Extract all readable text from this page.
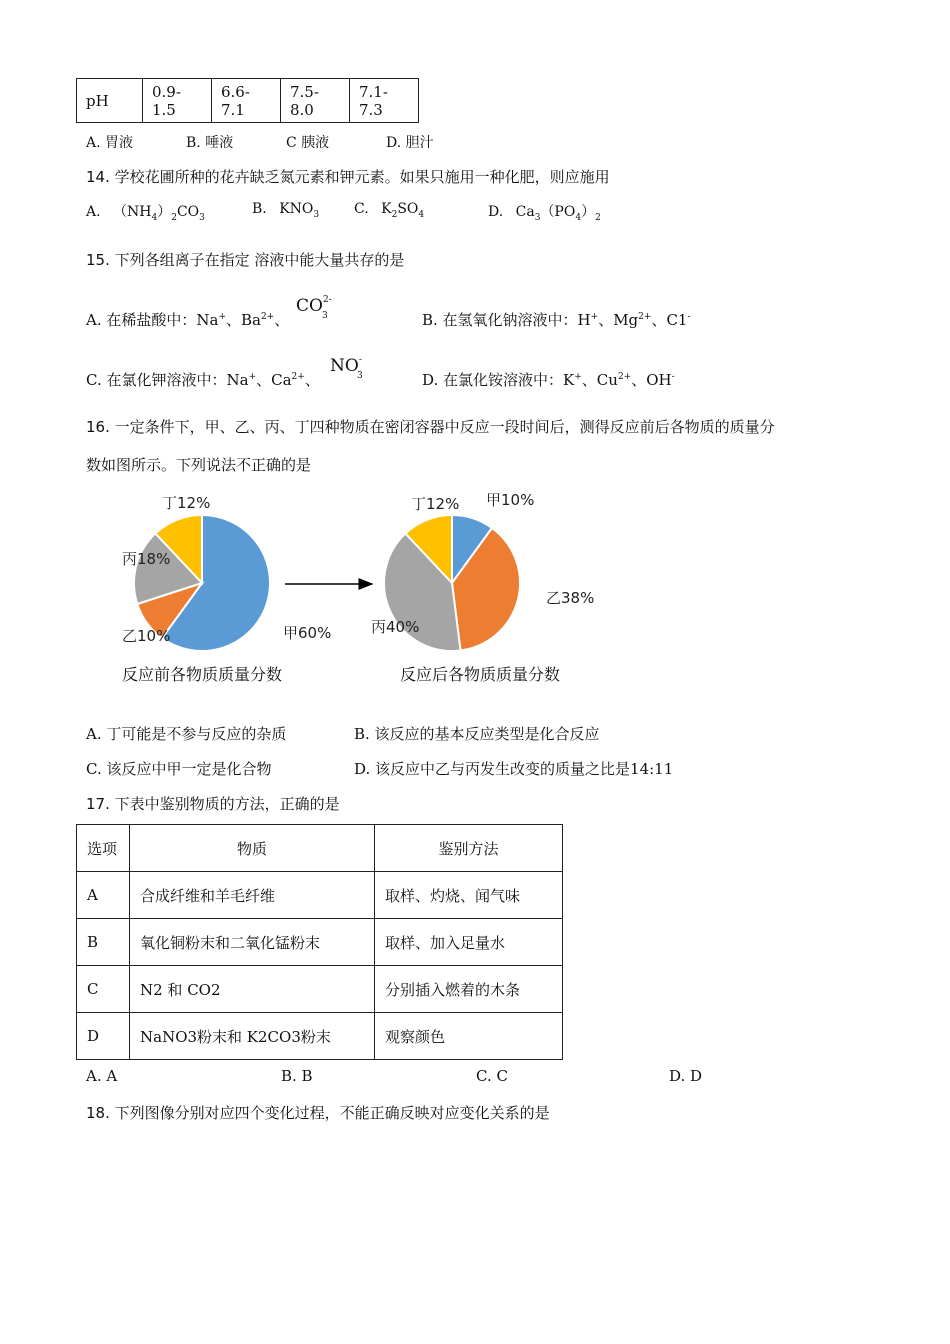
pH	0.9-1.5	6.6-7.1	7.5-8.0	7.1-7.3
A. 胃液	B. 唾液	C 胰液	D. 胆汁
14. 学校花圃所种的花卉缺乏氮元素和钾元素。如果只施用一种化肥，则应施用
A. $(NH_4)_2CO_3$
B. $KNO_3$ C. $K_2SO_4$	D. $Ca_3(PO_4)_2$
15. 下列各组离子在指定 溶液中能大量共存的是
A. 在稀盐酸中：Na+、$Ba^{2+}$、
$CO^{2-}$
3	B. 在氢氧化钠溶液中：H+、$Mg^{2+}$、C1-
C. 在氯化钾溶液中：Na+、$Ca^{2+}$、
NO-
3	D. 在氯化铵溶液中：K+、$Cu^{2+}$、OH-
16. 一定条件下，甲、乙、丙、丁四种物质在密闭容器中反应一段时间后，测得反应前后各物质的质量分
数如图所示。下列说法不正确的是
甲60%
乙10%
丙18%
丁12%
反应前各物质质量分数
甲10%
乙38%
丙40%
丁12%
反应后各物质质量分数
A. 丁可能是不参与反应的杂质	B. 该反应的基本反应类型是化合反应
C. 该反应中甲一定是化合物	D. 该反应中乙与丙发生改变的质量之比是14:11
17. 下表中鉴别物质的方法，正确的是
选项	物质	鉴别方法
A	合成纤维和羊毛纤维	取样、灼烧、闻气味
B	氧化铜粉末和二氧化锰粉末	取样、加入足量水
C	N2 和 CO2	分别插入燃着的木条
D	NaNO3粉末和 K2CO3粉末	观察颜色
A. A	B. B	C. C	D. D
18. 下列图像分别对应四个变化过程，不能正确反映对应变化关系的是
